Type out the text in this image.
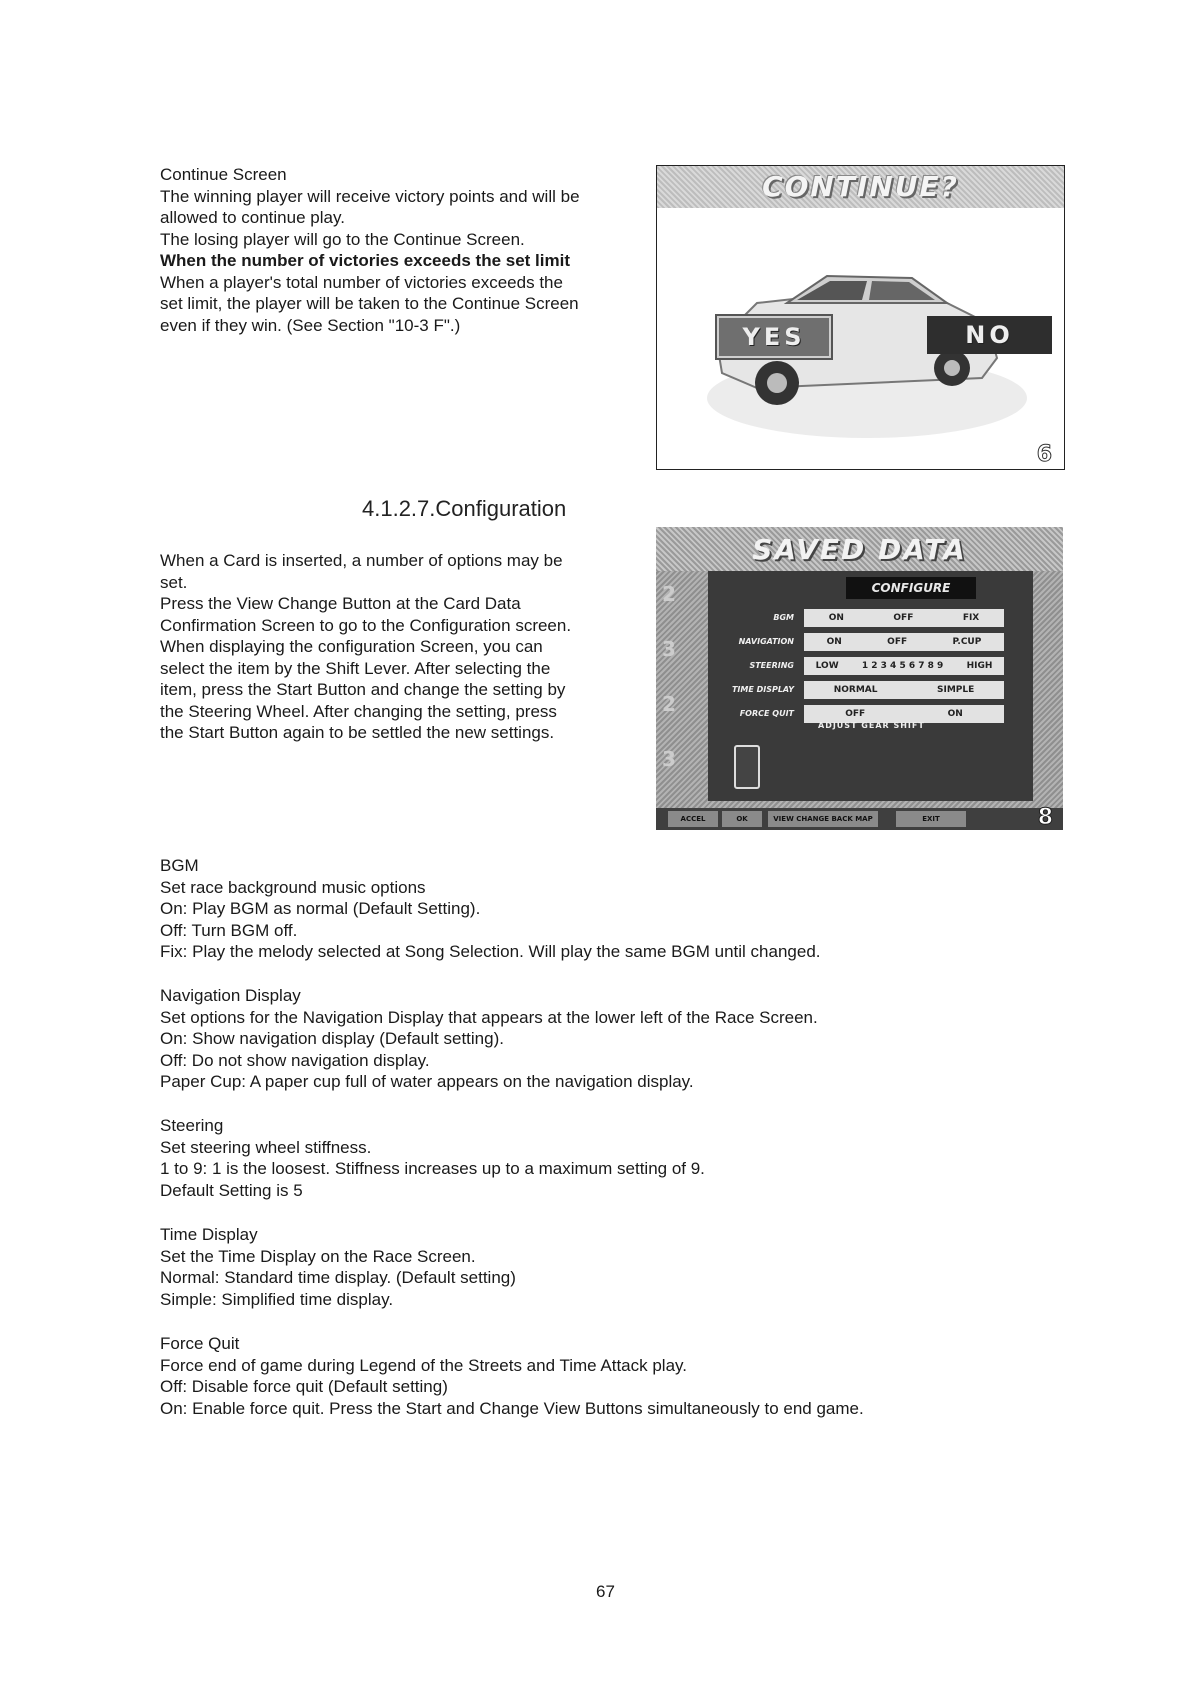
Continue Screen
The winning player will receive victory points and will be
allowed to continue play.
The losing player will go to the Continue Screen.
When the number of victories exceeds the set limit
When a player's total number of victories exceeds the
set limit, the player will be taken to the Continue Screen
even if they win. (See Section "10-3 F".)
CONTINUE?
YES	NO
6
4.1.2.7.Configuration
When a Card is inserted, a number of options may be
set.
Press the View Change Button at the Card Data
Confirmation Screen to go to the Configuration screen.
When displaying the configuration Screen, you can
select the item by the Shift Lever. After selecting the
item, press the Start Button and change the setting by
the Steering Wheel. After changing the setting, press
the Start Button again to be settled the new settings.
SAVED DATA
2
3
2
3
CONFIGURE
BGM	ON	OFF	FIX
NAVIGATION	ON	OFF	P.CUP
STEERING	LOW	1 2 3 4 5 6 7 8 9	HIGH
TIME DISPLAY	NORMAL	SIMPLE
FORCE QUIT	OFF	ON
ADJUST GEAR SHIFT
ACCEL	OK	VIEW CHANGE BACK MAP	EXIT	8
BGM
Set race background music options
On: Play BGM as normal (Default Setting).
Off: Turn BGM off.
Fix: Play the melody selected at Song Selection. Will play the same BGM until changed.
Navigation Display
Set options for the Navigation Display that appears at the lower left of the Race Screen.
On: Show navigation display (Default setting).
Off: Do not show navigation display.
Paper Cup: A paper cup full of water appears on the navigation display.
Steering
Set steering wheel stiffness.
1 to 9: 1 is the loosest. Stiffness increases up to a maximum setting of 9.
Default Setting is 5
Time Display
Set the Time Display on the Race Screen.
Normal: Standard time display. (Default setting)
Simple: Simplified time display.
Force Quit
Force end of game during Legend of the Streets and Time Attack play.
Off: Disable force quit (Default setting)
On: Enable force quit. Press the Start and Change View Buttons simultaneously to end game.
67
